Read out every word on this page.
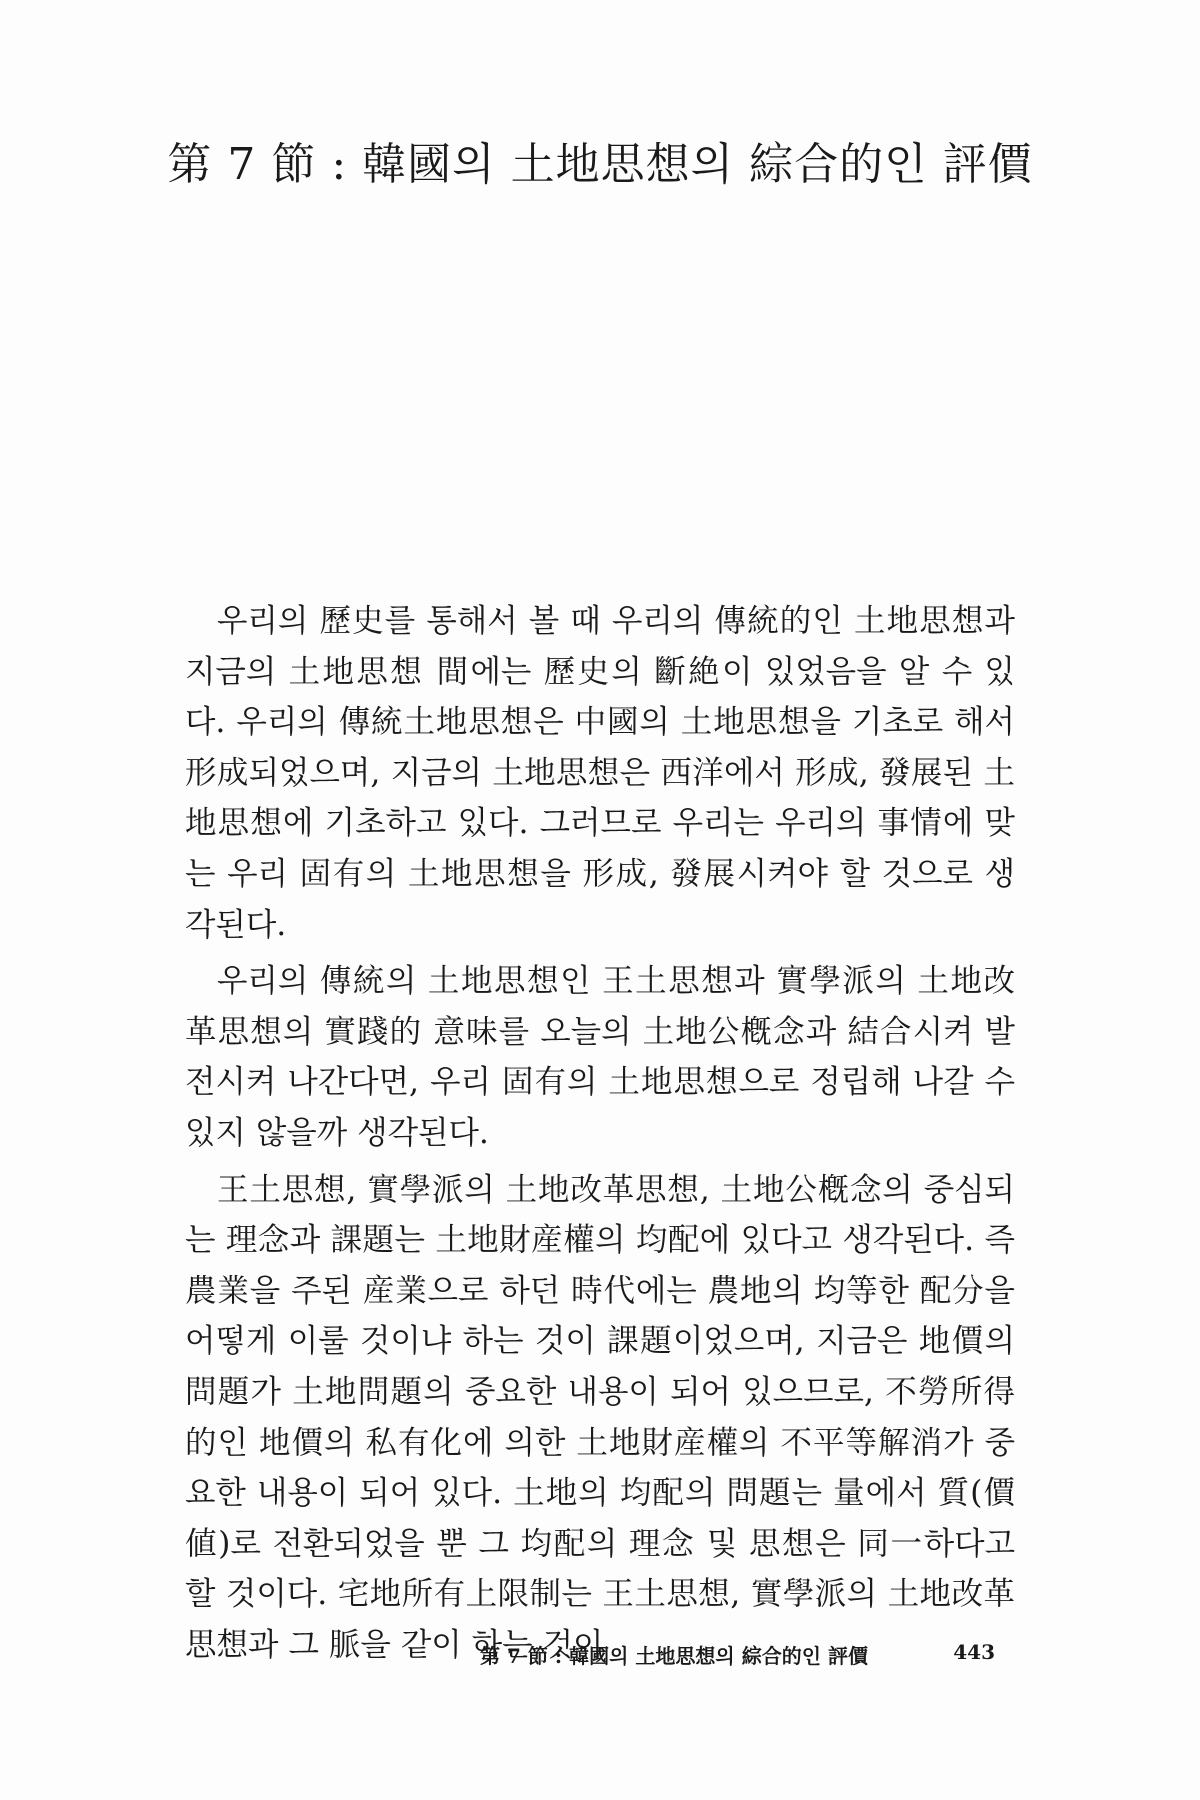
第 7 節 : 韓國의 土地思想의 綜合的인 評價

우리의 歷史를 통해서 볼 때 우리의 傳統的인 土地思想과 지금의 土地思想 間에는 歷史의 斷絶이 있었음을 알 수 있다. 우리의 傳統土地思想은 中國의 土地思想을 기초로 해서 形成되었으며, 지금의 土地思想은 西洋에서 形成, 發展된 土地思想에 기초하고 있다. 그러므로 우리는 우리의 事情에 맞는 우리 固有의 土地思想을 形成, 發展시켜야 할 것으로 생각된다.

우리의 傳統의 土地思想인 王土思想과 實學派의 土地改革思想의 實踐的 意味를 오늘의 土地公槪念과 結合시켜 발전시켜 나간다면, 우리 固有의 土地思想으로 정립해 나갈 수 있지 않을까 생각된다.

王土思想, 實學派의 土地改革思想, 土地公槪念의 중심되는 理念과 課題는 土地財産權의 均配에 있다고 생각된다. 즉 農業을 주된 産業으로 하던 時代에는 農地의 均等한 配分을 어떻게 이룰 것이냐 하는 것이 課題이었으며, 지금은 地價의 問題가 土地問題의 중요한 내용이 되어 있으므로, 不勞所得的인 地價의 私有化에 의한 土地財産權의 不平等解消가 중요한 내용이 되어 있다. 土地의 均配의 問題는 量에서 質(價値)로 전환되었을 뿐 그 均配의 理念 및 思想은 同一하다고 할 것이다. 宅地所有上限制는 王土思想, 實學派의 土地改革思想과 그 脈을 같이 하는 것이

第 7 節 : 韓國의 土地思想의 綜合的인 評價	443
